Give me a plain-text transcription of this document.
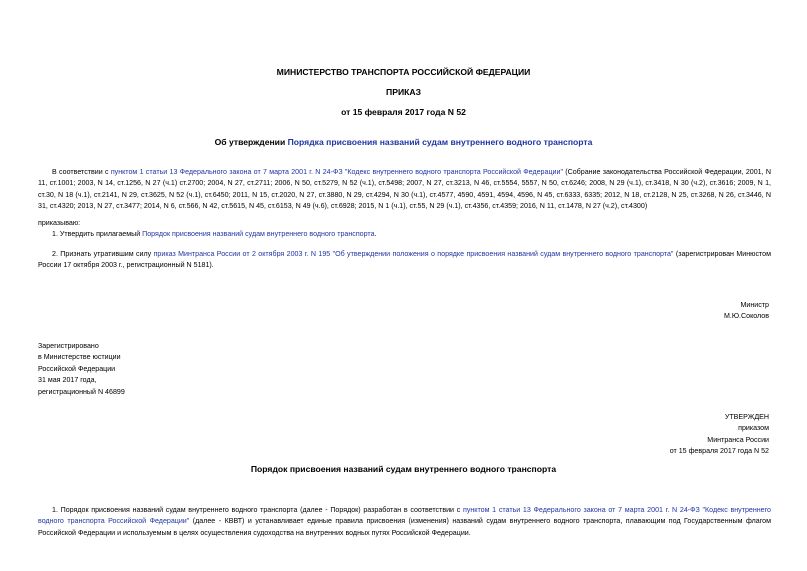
МИНИСТЕРСТВО ТРАНСПОРТА РОССИЙСКОЙ ФЕДЕРАЦИИ
ПРИКАЗ
от 15 февраля 2017 года N 52
Об утверждении Порядка присвоения названий судам внутреннего водного транспорта
В соответствии с пунктом 1 статьи 13 Федерального закона от 7 марта 2001 г. N 24-ФЗ "Кодекс внутреннего водного транспорта Российской Федерации" (Собрание законодательства Российской Федерации, 2001, N 11, ст.1001; 2003, N 14, ст.1256, N 27 (ч.1) ст.2700; 2004, N 27, ст.2711; 2006, N 50, ст.5279, N 52 (ч.1), ст.5498; 2007, N 27, ст.3213, N 46, ст.5554, 5557, N 50, ст.6246; 2008, N 29 (ч.1), ст.3418, N 30 (ч.2), ст.3616; 2009, N 1, ст.30, N 18 (ч.1), ст.2141, N 29, ст.3625, N 52 (ч.1), ст.6450; 2011, N 15, ст.2020, N 27, ст.3880, N 29, ст.4294, N 30 (ч.1), ст.4577, 4590, 4591, 4594, 4596, N 45, ст.6333, 6335; 2012, N 18, ст.2128, N 25, ст.3268, N 26, ст.3446, N 31, ст.4320; 2013, N 27, ст.3477; 2014, N 6, ст.566, N 42, ст.5615, N 45, ст.6153, N 49 (ч.6), ст.6928; 2015, N 1 (ч.1), ст.55, N 29 (ч.1), ст.4356, ст.4359; 2016, N 11, ст.1478, N 27 (ч.2), ст.4300)
приказываю:
1. Утвердить прилагаемый Порядок присвоения названий судам внутреннего водного транспорта.
2. Признать утратившим силу приказ Минтранса России от 2 октября 2003 г. N 195 "Об утверждении положения о порядке присвоения названий судам внутреннего водного транспорта" (зарегистрирован Минюстом России 17 октября 2003 г., регистрационный N 5181).
Министр
М.Ю.Соколов
Зарегистрировано
в Министерстве юстиции
Российской Федерации
31 мая 2017 года,
регистрационный N 46899
УТВЕРЖДЕН
приказом
Минтранса России
от 15 февраля 2017 года N 52
Порядок присвоения названий судам внутреннего водного транспорта
1. Порядок присвоения названий судам внутреннего водного транспорта (далее - Порядок) разработан в соответствии с пунктом 1 статьи 13 Федерального закона от 7 марта 2001 г. N 24-ФЗ "Кодекс внутреннего водного транспорта Российской Федерации" (далее - КВВТ) и устанавливает единые правила присвоения (изменения) названий судам внутреннего водного транспорта, плавающим под Государственным флагом Российской Федерации и используемым в целях осуществления судоходства на внутренних водных путях Российской Федерации.
